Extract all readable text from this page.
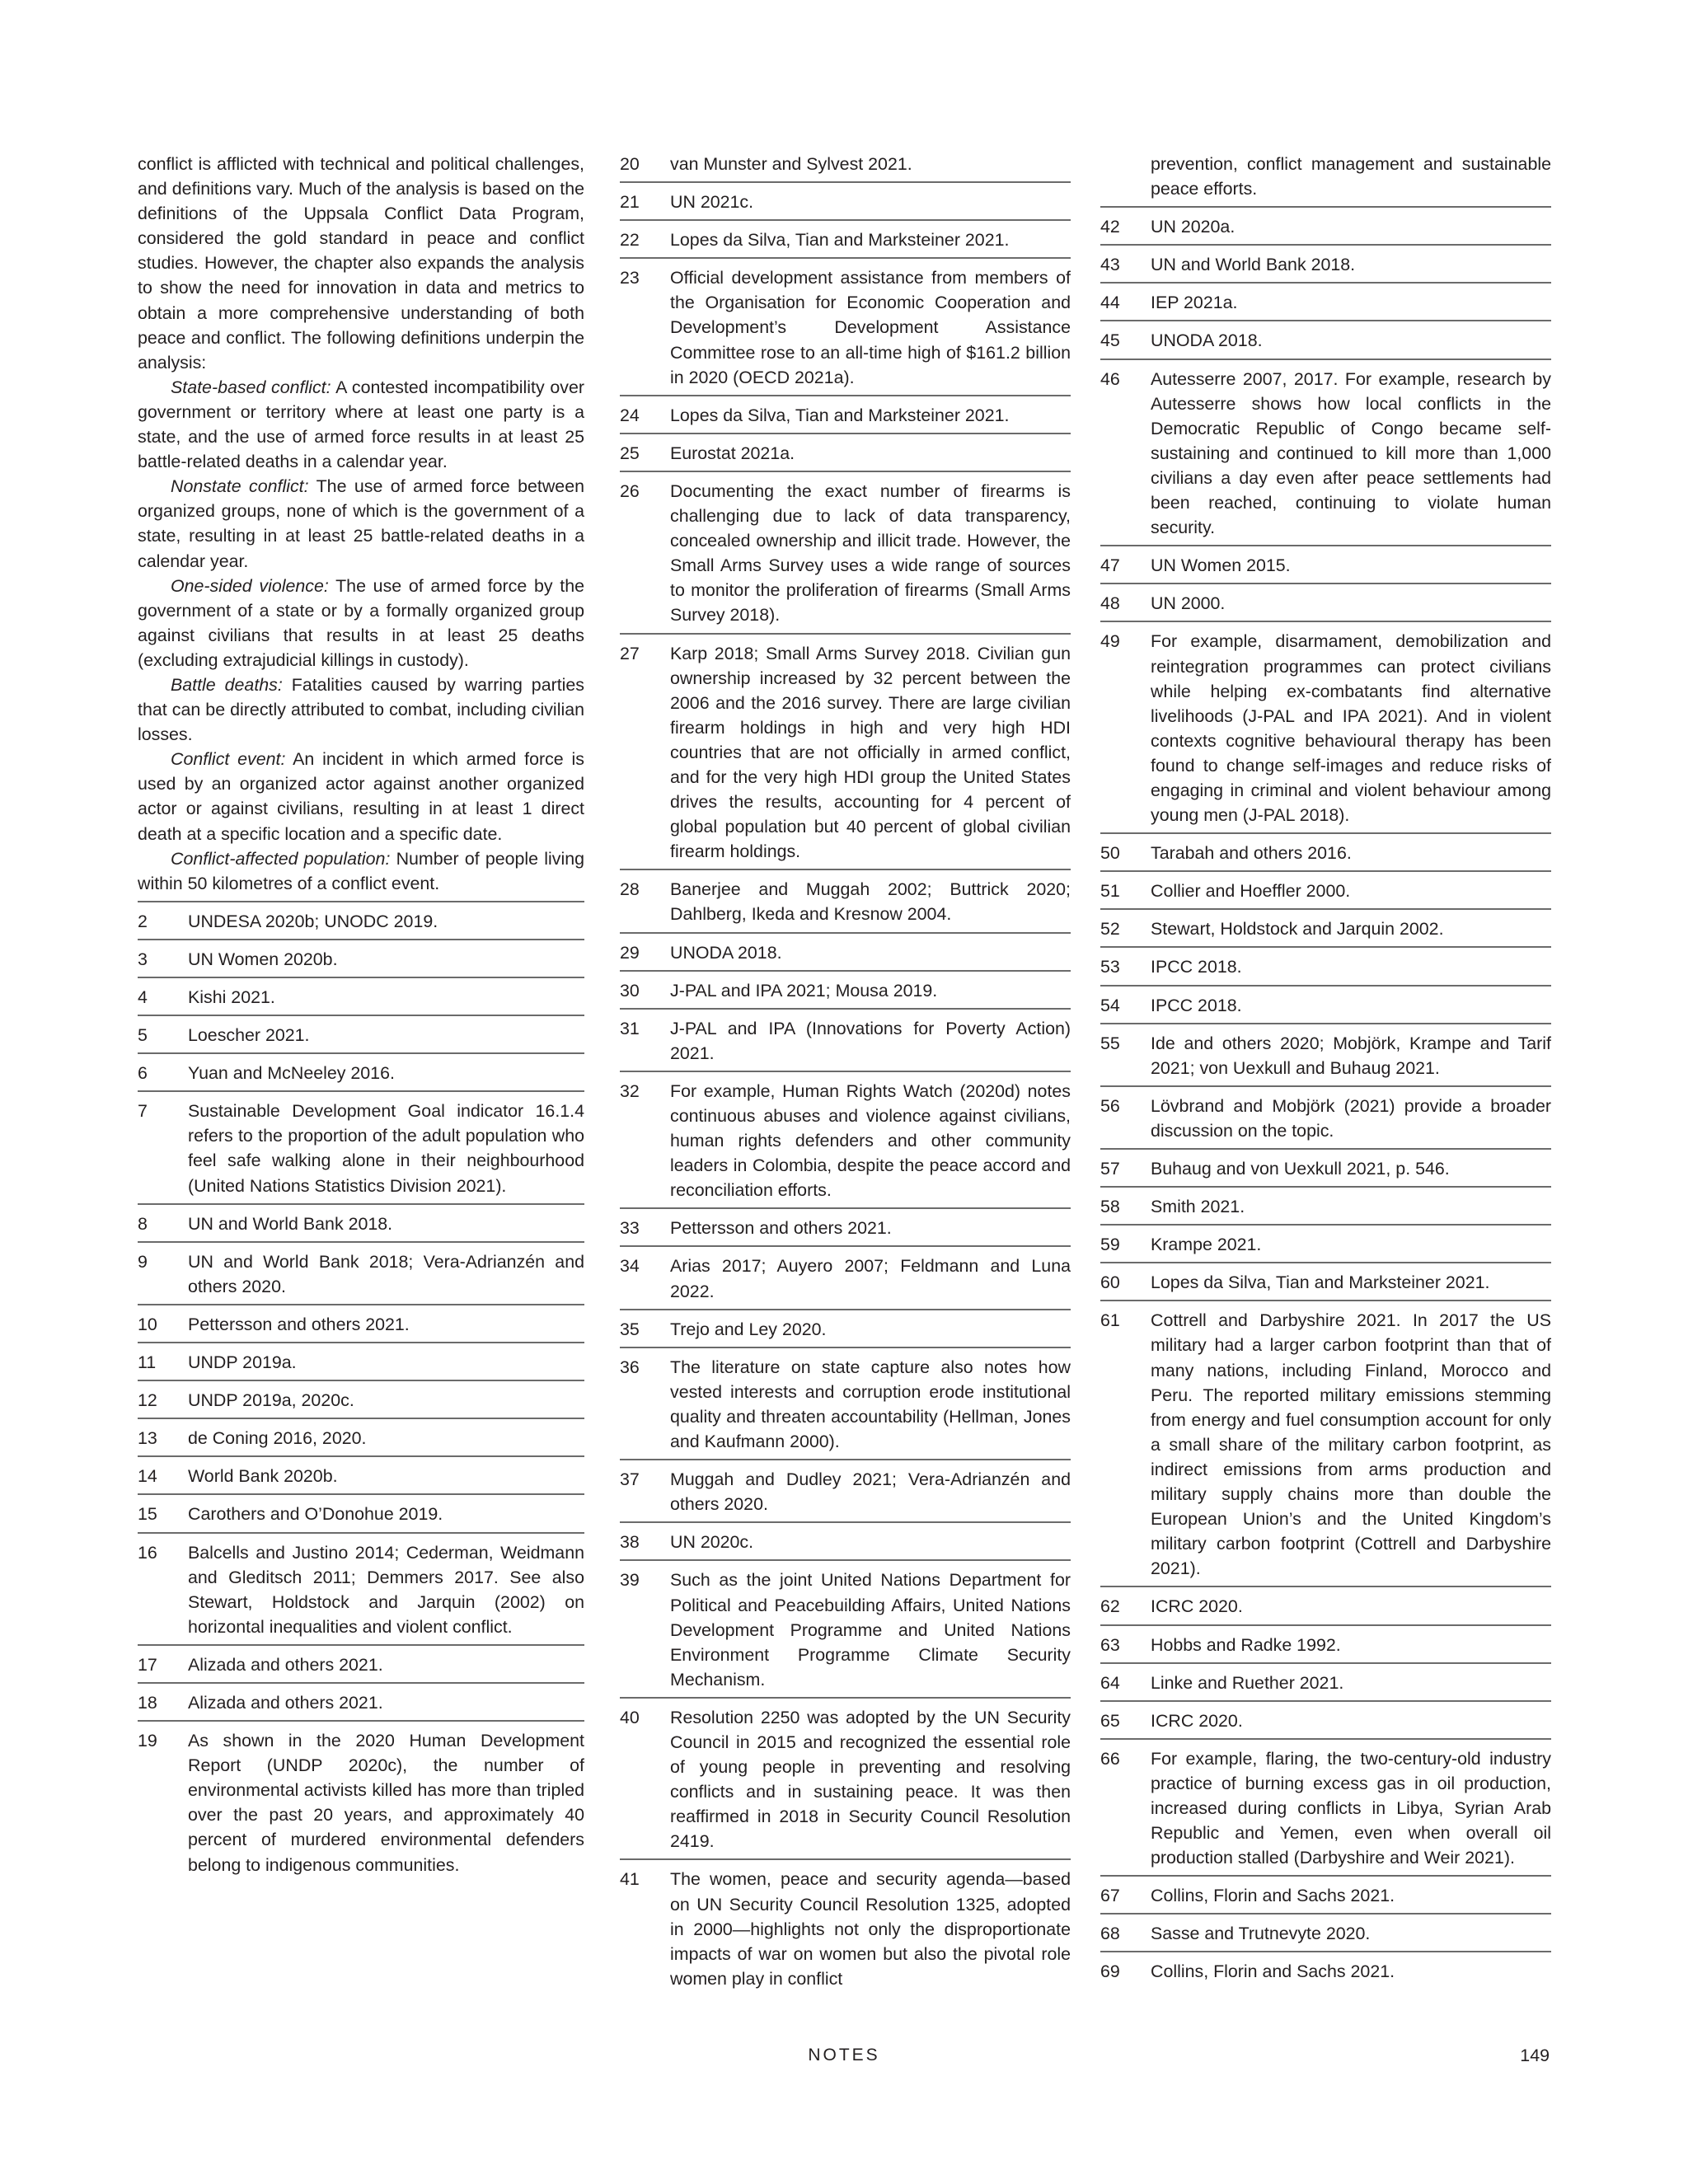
conflict is afflicted with technical and political challenges, and definitions vary. Much of the analysis is based on the definitions of the Uppsala Conflict Data Program, considered the gold standard in peace and conflict studies. However, the chapter also expands the analysis to show the need for innovation in data and metrics to obtain a more comprehensive understanding of both peace and conflict. The following definitions underpin the analysis:

State-based conflict: A contested incompatibility over government or territory where at least one party is a state, and the use of armed force results in at least 25 battle-related deaths in a calendar year.

Nonstate conflict: The use of armed force between organized groups, none of which is the government of a state, resulting in at least 25 battle-related deaths in a calendar year.

One-sided violence: The use of armed force by the government of a state or by a formally organized group against civilians that results in at least 25 deaths (excluding extrajudicial killings in custody).

Battle deaths: Fatalities caused by warring parties that can be directly attributed to combat, including civilian losses.

Conflict event: An incident in which armed force is used by an organized actor against another organized actor or against civilians, resulting in at least 1 direct death at a specific location and a specific date.

Conflict-affected population: Number of people living within 50 kilometres of a conflict event.

2	UNDESA 2020b; UNODC 2019.
3	UN Women 2020b.
4	Kishi 2021.
5	Loescher 2021.
6	Yuan and McNeeley 2016.
7	Sustainable Development Goal indicator 16.1.4 refers to the proportion of the adult population who feel safe walking alone in their neighbourhood (United Nations Statistics Division 2021).
8	UN and World Bank 2018.
9	UN and World Bank 2018; Vera-Adrianzén and others 2020.
10	Pettersson and others 2021.
11	UNDP 2019a.
12	UNDP 2019a, 2020c.
13	de Coning 2016, 2020.
14	World Bank 2020b.
15	Carothers and O’Donohue 2019.
16	Balcells and Justino 2014; Cederman, Weidmann and Gleditsch 2011; Demmers 2017. See also Stewart, Holdstock and Jarquin (2002) on horizontal inequalities and violent conflict.
17	Alizada and others 2021.
18	Alizada and others 2021.
19	As shown in the 2020 Human Development Report (UNDP 2020c), the number of environmental activists killed has more than tripled over the past 20 years, and approximately 40 percent of murdered environmental defenders belong to indigenous communities.
20	van Munster and Sylvest 2021.
21	UN 2021c.
22	Lopes da Silva, Tian and Marksteiner 2021.
23	Official development assistance from members of the Organisation for Economic Cooperation and Development’s Development Assistance Committee rose to an all-time high of $161.2 billion in 2020 (OECD 2021a).
24	Lopes da Silva, Tian and Marksteiner 2021.
25	Eurostat 2021a.
26	Documenting the exact number of firearms is challenging due to lack of data transparency, concealed ownership and illicit trade. However, the Small Arms Survey uses a wide range of sources to monitor the proliferation of firearms (Small Arms Survey 2018).
27	Karp 2018; Small Arms Survey 2018. Civilian gun ownership increased by 32 percent between the 2006 and the 2016 survey. There are large civilian firearm holdings in high and very high HDI countries that are not officially in armed conflict, and for the very high HDI group the United States drives the results, accounting for 4 percent of global population but 40 percent of global civilian firearm holdings.
28	Banerjee and Muggah 2002; Buttrick 2020; Dahlberg, Ikeda and Kresnow 2004.
29	UNODA 2018.
30	J-PAL and IPA 2021; Mousa 2019.
31	J-PAL and IPA (Innovations for Poverty Action) 2021.
32	For example, Human Rights Watch (2020d) notes continuous abuses and violence against civilians, human rights defenders and other community leaders in Colombia, despite the peace accord and reconciliation efforts.
33	Pettersson and others 2021.
34	Arias 2017; Auyero 2007; Feldmann and Luna 2022.
35	Trejo and Ley 2020.
36	The literature on state capture also notes how vested interests and corruption erode institutional quality and threaten accountability (Hellman, Jones and Kaufmann 2000).
37	Muggah and Dudley 2021; Vera-Adrianzén and others 2020.
38	UN 2020c.
39	Such as the joint United Nations Department for Political and Peacebuilding Affairs, United Nations Development Programme and United Nations Environment Programme Climate Security Mechanism.
40	Resolution 2250 was adopted by the UN Security Council in 2015 and recognized the essential role of young people in preventing and resolving conflicts and in sustaining peace. It was then reaffirmed in 2018 in Security Council Resolution 2419.
41	The women, peace and security agenda—based on UN Security Council Resolution 1325, adopted in 2000—highlights not only the disproportionate impacts of war on women but also the pivotal role women play in conflict
prevention, conflict management and sustainable peace efforts.
42	UN 2020a.
43	UN and World Bank 2018.
44	IEP 2021a.
45	UNODA 2018.
46	Autesserre 2007, 2017. For example, research by Autesserre shows how local conflicts in the Democratic Republic of Congo became self-sustaining and continued to kill more than 1,000 civilians a day even after peace settlements had been reached, continuing to violate human security.
47	UN Women 2015.
48	UN 2000.
49	For example, disarmament, demobilization and reintegration programmes can protect civilians while helping ex-combatants find alternative livelihoods (J-PAL and IPA 2021). And in violent contexts cognitive behavioural therapy has been found to change self-images and reduce risks of engaging in criminal and violent behaviour among young men (J-PAL 2018).
50	Tarabah and others 2016.
51	Collier and Hoeffler 2000.
52	Stewart, Holdstock and Jarquin 2002.
53	IPCC 2018.
54	IPCC 2018.
55	Ide and others 2020; Mobjörk, Krampe and Tarif 2021; von Uexkull and Buhaug 2021.
56	Lövbrand and Mobjörk (2021) provide a broader discussion on the topic.
57	Buhaug and von Uexkull 2021, p. 546.
58	Smith 2021.
59	Krampe 2021.
60	Lopes da Silva, Tian and Marksteiner 2021.
61	Cottrell and Darbyshire 2021. In 2017 the US military had a larger carbon footprint than that of many nations, including Finland, Morocco and Peru. The reported military emissions stemming from energy and fuel consumption account for only a small share of the military carbon footprint, as indirect emissions from arms production and military supply chains more than double the European Union’s and the United Kingdom’s military carbon footprint (Cottrell and Darbyshire 2021).
62	ICRC 2020.
63	Hobbs and Radke 1992.
64	Linke and Ruether 2021.
65	ICRC 2020.
66	For example, flaring, the two-century-old industry practice of burning excess gas in oil production, increased during conflicts in Libya, Syrian Arab Republic and Yemen, even when overall oil production stalled (Darbyshire and Weir 2021).
67	Collins, Florin and Sachs 2021.
68	Sasse and Trutnevyte 2020.
69	Collins, Florin and Sachs 2021.
NOTES	149
